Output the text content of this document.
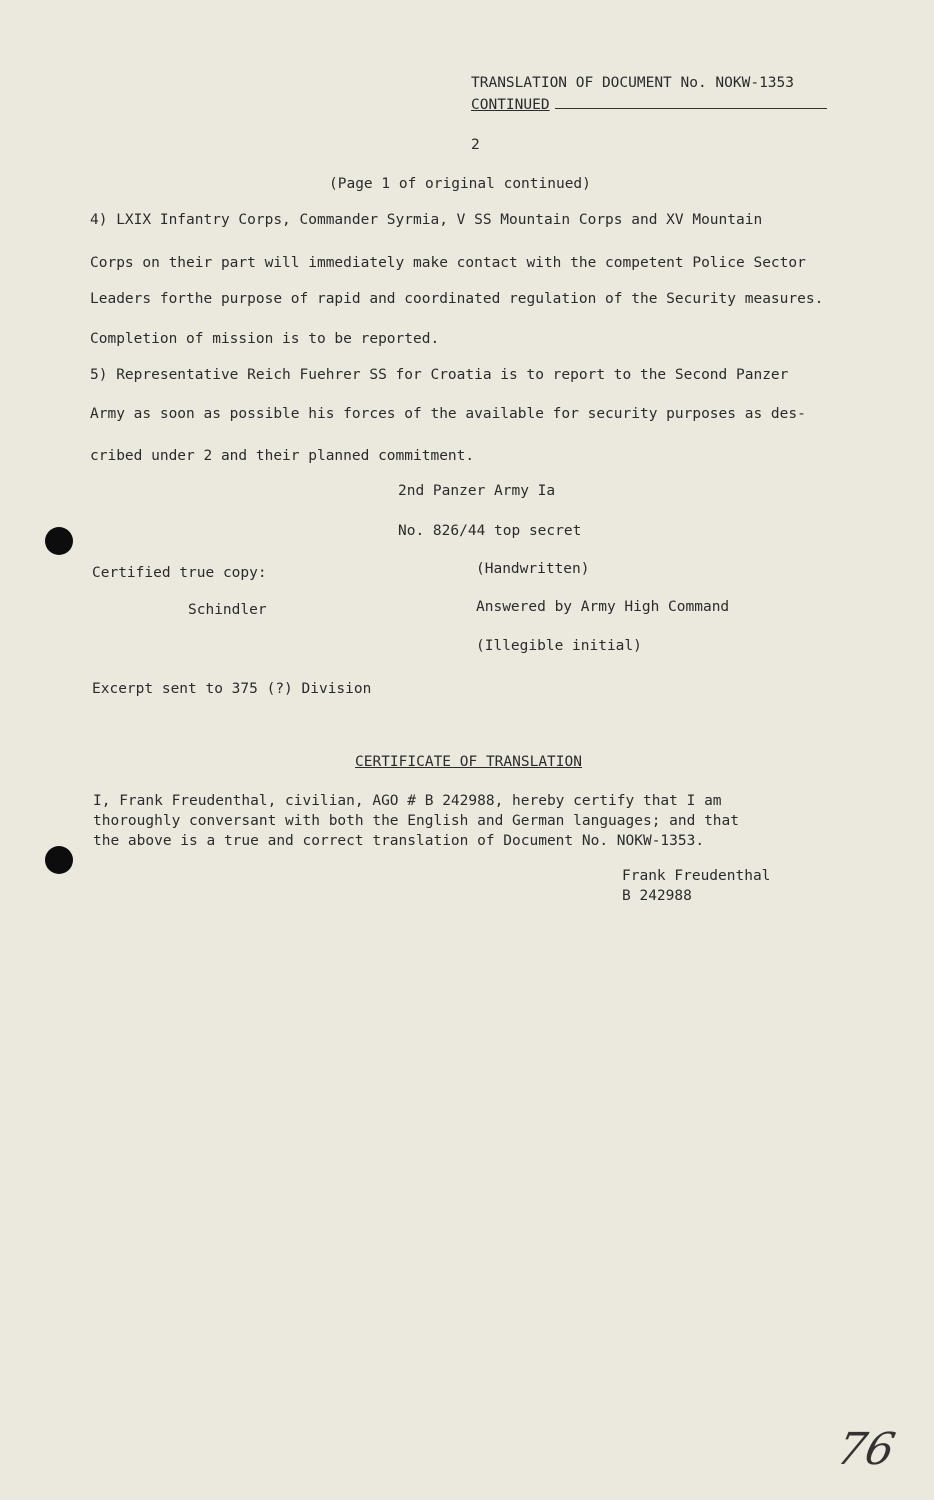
TRANSLATION OF DOCUMENT No. NOKW-1353
CONTINUED
2
(Page 1 of original continued)
4) LXIX Infantry Corps, Commander Syrmia, V SS Mountain Corps and XV Mountain
Corps on their part will immediately make contact with the competent Police Sector
Leaders forthe purpose of rapid and coordinated regulation of the Security measures.
Completion of mission is to be reported.
5) Representative Reich Fuehrer SS for Croatia is to report to the Second Panzer
Army as soon as possible his forces of the available for security purposes as des-
cribed under 2 and their planned commitment.
2nd Panzer Army Ia
No. 826/44 top secret
Certified true copy:	(Handwritten)
Schindler	Answered by Army High Command
(Illegible initial)
Excerpt sent to 375 (?) Division
CERTIFICATE OF TRANSLATION
I, Frank Freudenthal, civilian, AGO # B 242988, hereby certify that I am
thoroughly conversant with both the English and German languages; and that
the above is a true and correct translation of Document No. NOKW-1353.
Frank Freudenthal
B 242988
76
